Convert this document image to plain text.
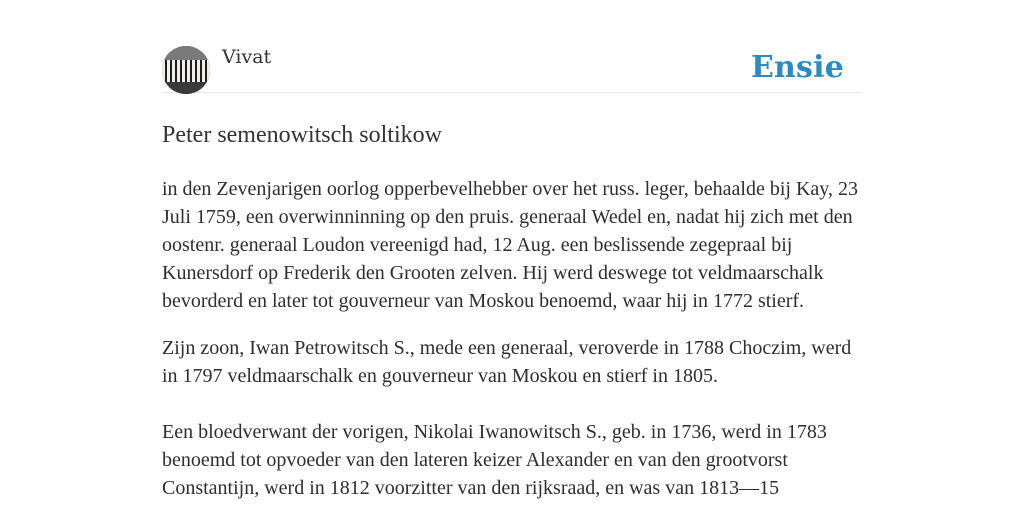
Vivat	Ensie
Peter semenowitsch soltikow

in den Zevenjarigen oorlog opperbevelhebber over het russ. leger, behaalde bij Kay, 23 Juli 1759, een overwinninning op den pruis. generaal Wedel en, nadat hij zich met den oostenr. generaal Loudon vereenigd had, 12 Aug. een beslissende zegepraal bij Kunersdorf op Frederik den Grooten zelven. Hij werd deswege tot veldmaarschalk bevorderd en later tot gouverneur van Moskou benoemd, waar hij in 1772 stierf.

Zijn zoon, Iwan Petrowitsch S., mede een generaal, veroverde in 1788 Choczim, werd in 1797 veldmaarschalk en gouverneur van Moskou en stierf in 1805.

Een bloedverwant der vorigen, Nikolai Iwanowitsch S., geb. in 1736, werd in 1783 benoemd tot opvoeder van den lateren keizer Alexander en van den grootvorst Constantijn, werd in 1812 voorzitter van den rijksraad, en was van 1813—15
